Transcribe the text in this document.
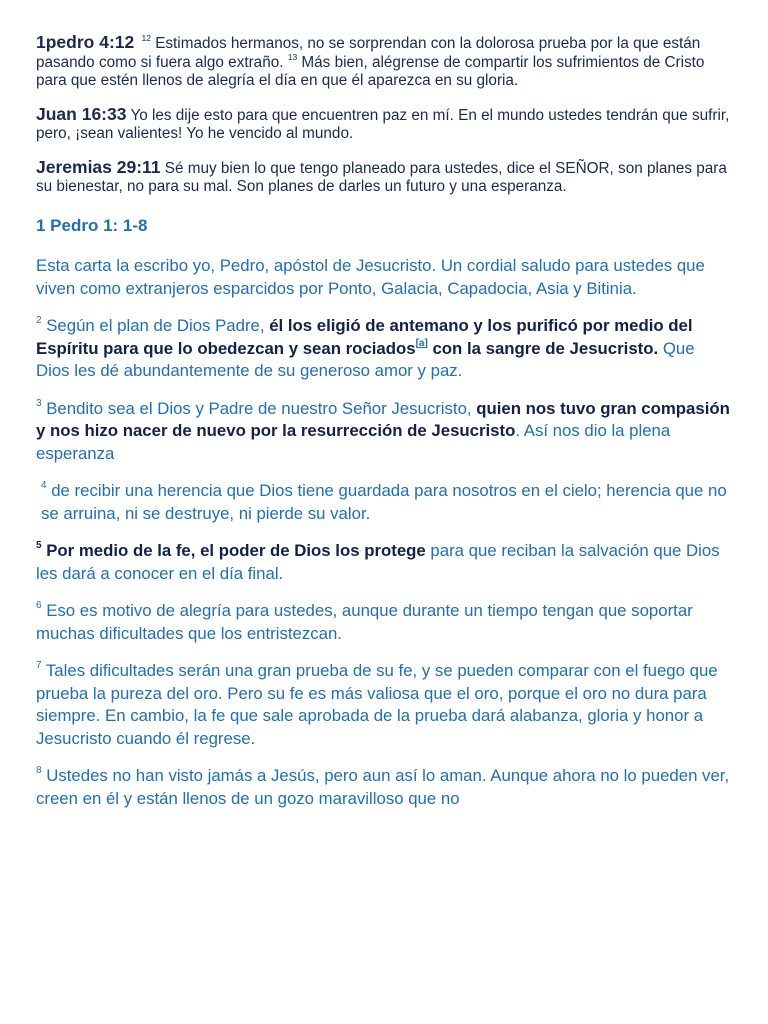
1pedro 4:12 $^{12}$ Estimados hermanos, no se sorprendan con la dolorosa prueba por la que están pasando como si fuera algo extraño. $^{13}$ Más bien, alégrense de compartir los sufrimientos de Cristo para que estén llenos de alegría el día en que él aparezca en su gloria.

Juan 16:33 Yo les dije esto para que encuentren paz en mí. En el mundo ustedes tendrán que sufrir, pero, ¡sean valientes! Yo he vencido al mundo.

Jeremias 29:11 Sé muy bien lo que tengo planeado para ustedes, dice el SEÑOR, son planes para su bienestar, no para su mal. Son planes de darles un futuro y una esperanza.

1 Pedro 1: 1-8

Esta carta la escribo yo, Pedro, apóstol de Jesucristo. Un cordial saludo para ustedes que viven como extranjeros esparcidos por Ponto, Galacia, Capadocia, Asia y Bitinia.

$^2$ Según el plan de Dios Padre, él los eligió de antemano y los purificó por medio del Espíritu para que lo obedezcan y sean rociados[a] con la sangre de Jesucristo. Que Dios les dé abundantemente de su generoso amor y paz.

$^3$ Bendito sea el Dios y Padre de nuestro Señor Jesucristo, quien nos tuvo gran compasión y nos hizo nacer de nuevo por la resurrección de Jesucristo. Así nos dio la plena esperanza

$^4$ de recibir una herencia que Dios tiene guardada para nosotros en el cielo; herencia que no se arruina, ni se destruye, ni pierde su valor.

$^5$ Por medio de la fe, el poder de Dios los protege para que reciban la salvación que Dios les dará a conocer en el día final.

$^6$ Eso es motivo de alegría para ustedes, aunque durante un tiempo tengan que soportar muchas dificultades que los entristezcan.

$^7$ Tales dificultades serán una gran prueba de su fe, y se pueden comparar con el fuego que prueba la pureza del oro. Pero su fe es más valiosa que el oro, porque el oro no dura para siempre. En cambio, la fe que sale aprobada de la prueba dará alabanza, gloria y honor a Jesucristo cuando él regrese.

$^8$ Ustedes no han visto jamás a Jesús, pero aun así lo aman. Aunque ahora no lo pueden ver, creen en él y están llenos de un gozo maravilloso que no
